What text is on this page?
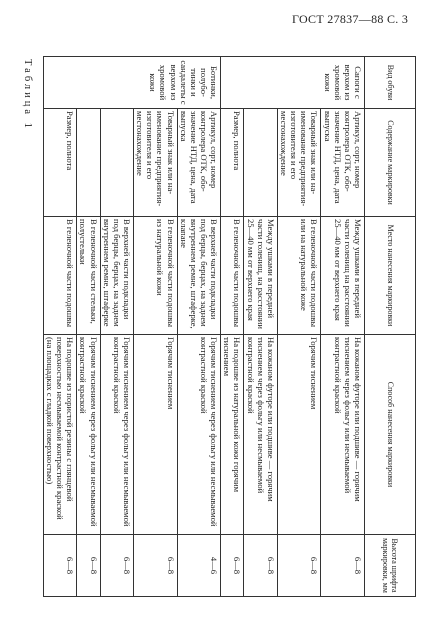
ГОСТ 27837—88 С. 3
Таблица 1	Вид обуви	Содержание маркировки	Место нанесения маркировки	Способ нанесения маркировки	Высота шрифта маркировки, мм
Сапоги с верхом из хромовой кожи	Артикул, сорт, номер контролера ОТК, обозначение НТД, цена, дата выпуска	Между ушками в передней части голенищ на расстоянии 25—40 мм от верхнего края	На кожаном футоре или подшиве — горячим тиснением через фольгу или несмываемой контрастной краской	6—8
	Товарный знак или наименование предприятия-изготовителя и его местонахождение	В геленочной части подошвы или на натуральной коже	Горячим тиснением	6—8
		Между ушками в передней части голенищ, на расстоянии 25—40 мм от верхнего края	На кожаном футоре или подшиве — горячим тиснением через фольгу или несмываемой контрастной краской	6—8
	Размер, полнота	В геленочной части подошвы	На подошве из натуральной кожи горячим тиснением	6—8
Ботинки, полуботинки и сандалеты с верхом из хромовой кожи	Артикул, сорт, номер контролера ОТК, обозначение НТД, цена, дата выпуска	В верхней части подкладки под берцы, берцах, на заднем внутреннем ремне, штаферке, клапане	Горячим тиснением через фольгу или несмываемой контрастной краской	4—6
	Товарный знак или наименование предприятия-изготовителя и его местонахождение	В геленочной части подошвы из натуральной кожи	Горячим тиснением	6—8
		В верхней части подкладки под берцы, берцах, на заднем внутреннем ремне, штаферке	Горячим тиснением через фольгу или несмываемой контрастной краской	6—8
		В геленочной части стельки, полустельки	Горячим тиснением через фольгу или несмываемой контрастной краской	6—8
	Размер, полнота	В геленочной части подошвы	На подошве из пористой резины с глянцевой поверхностью несмываемой контрастной краской (на площадках с гладкой поверхностью)	6—8
